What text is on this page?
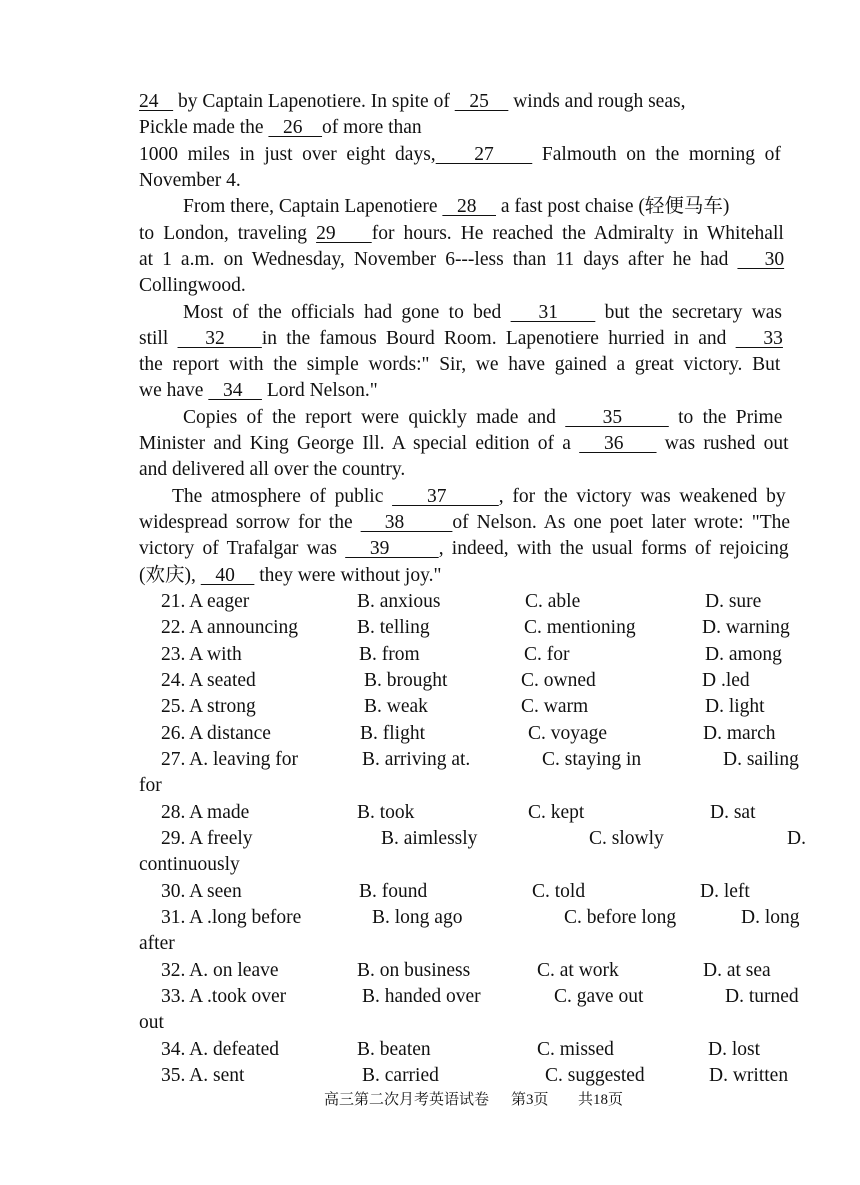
24    by Captain Lapenotiere. In spite of    25     winds and rough seas,
Pickle made the    26    of more than
1000 miles in just over eight days,    27     Falmouth on the morning of
November 4.
From there, Captain Lapenotiere    28     a fast post chaise (轻便马车)
to London, traveling 29    for hours. He reached the Admiralty in Whitehall
at 1 a.m. on Wednesday, November 6---less than 11 days after he had    30
Collingwood.
Most of the officials had gone to bed    31     but the secretary was
still    32    in the famous Bourd Room. Lapenotiere hurried in and    33
the report with the simple words:" Sir, we have gained a great victory. But
we have    34     Lord Nelson."
Copies of the report were quickly made and     35      to the Prime
Minister and King George Ill. A special edition of a    36     was rushed out
and delivered all over the country.
The atmosphere of public     37      , for the victory was weakened by
widespread sorrow for the    38      of Nelson. As one poet later wrote: "The
victory of Trafalgar was    39      , indeed, with the usual forms of rejoicing
(欢庆),    40     they were without joy."
21. A eager	B. anxious	C. able	D. sure
22. A announcing	B. telling	C. mentioning	D. warning
23. A with	B. from	C. for	D. among
24. A seated	B. brought	C. owned	D .led
25. A strong	B. weak	C. warm	D. light
26. A distance	B. flight	C. voyage	D. march
27. A. leaving for	B. arriving at.	C. staying in	D. sailing
for
28. A made	B. took	C. kept	D. sat
29. A freely	B. aimlessly	C. slowly	D.
continuously
30. A seen	B. found	C. told	D. left
31. A .long before	B. long ago	C. before long	D. long
after
32. A. on leave	B. on business	C. at work	D. at sea
33. A .took over	B. handed over	C. gave out	D. turned
out
34. A. defeated	B. beaten	C. missed	D. lost
35. A. sent	B. carried	C. suggested	D. written
高三第二次月考英语试卷 第3页 共18页
